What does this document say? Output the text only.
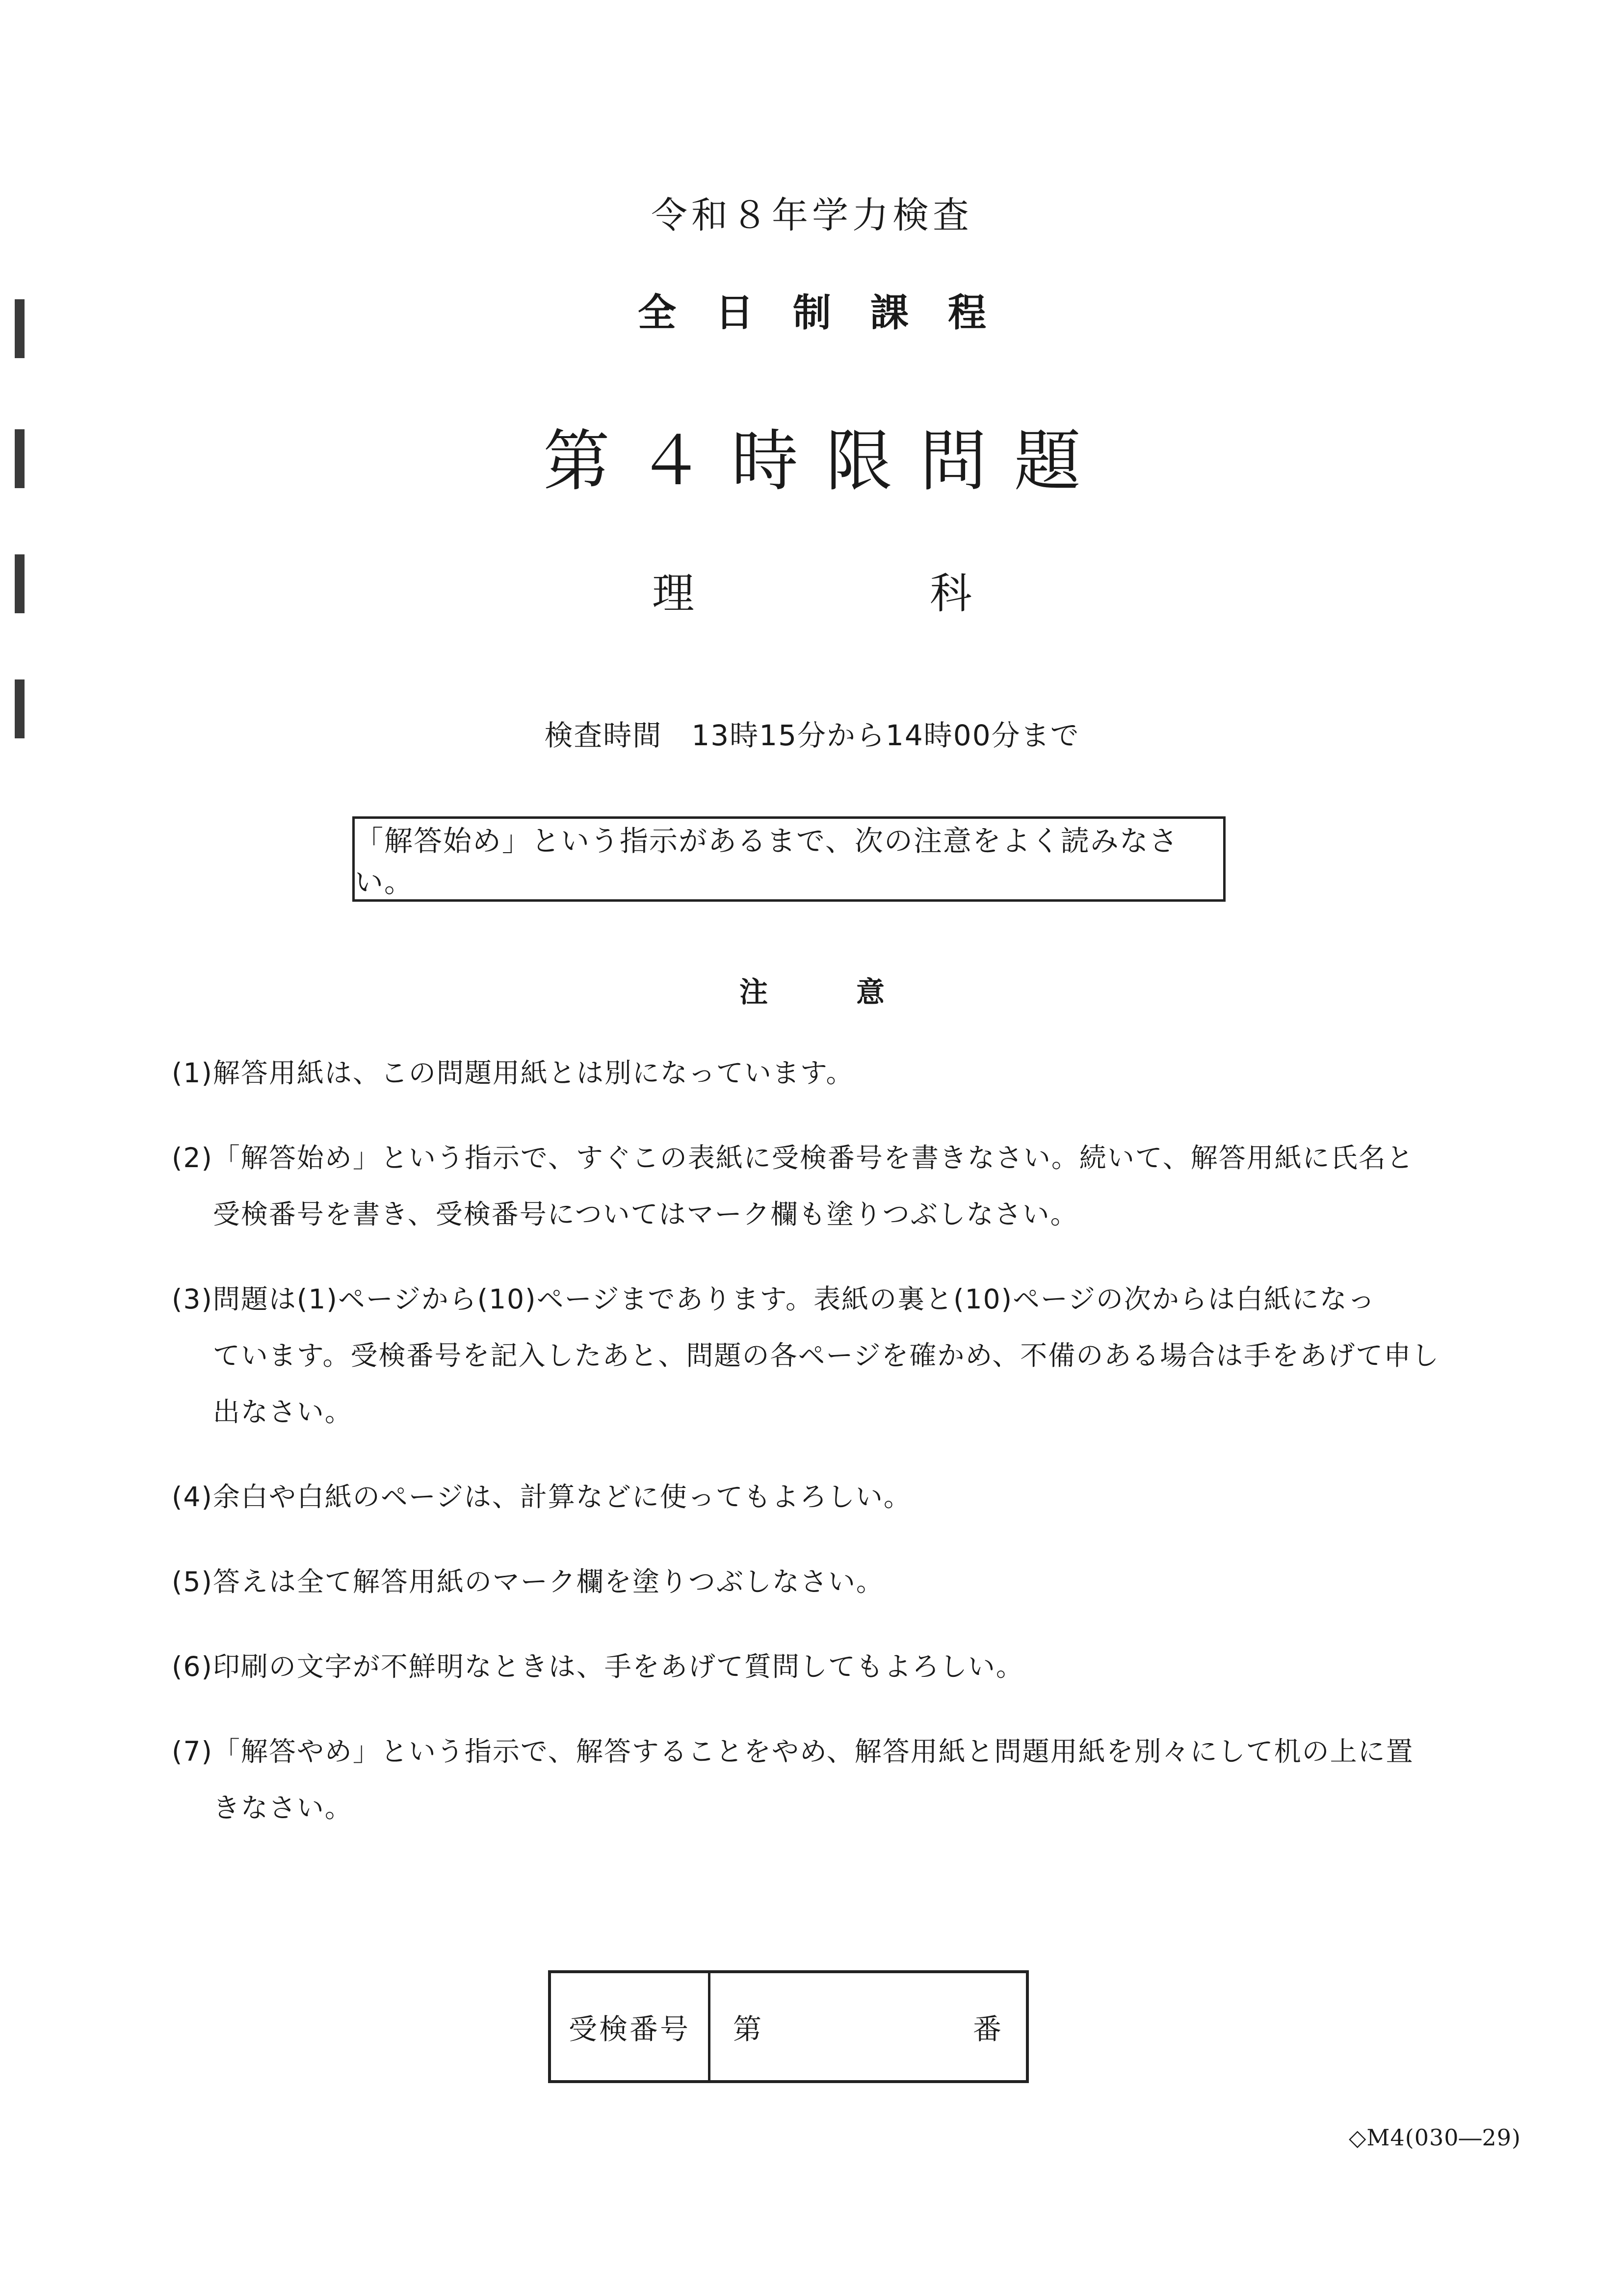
令和８年学力検査
全日制課程
第４時限問題
理	科
検査時間　13時15分から14時00分まで
「解答始め」という指示があるまで、次の注意をよく読みなさい。
注意
(1) 解答用紙は、この問題用紙とは別になっています。
(2) 「解答始め」という指示で、すぐこの表紙に受検番号を書きなさい。続いて、解答用紙に氏名と
受検番号を書き、受検番号についてはマーク欄も塗りつぶしなさい。
(3) 問題は(1)ページから(10)ページまであります。表紙の裏と(10)ページの次からは白紙になっ
ています。受検番号を記入したあと、問題の各ページを確かめ、不備のある場合は手をあげて申し
出なさい。
(4) 余白や白紙のページは、計算などに使ってもよろしい。
(5) 答えは全て解答用紙のマーク欄を塗りつぶしなさい。
(6) 印刷の文字が不鮮明なときは、手をあげて質問してもよろしい。
(7) 「解答やめ」という指示で、解答することをやめ、解答用紙と問題用紙を別々にして机の上に置
きなさい。
受検番号	第	番
◇M4(030―29)
